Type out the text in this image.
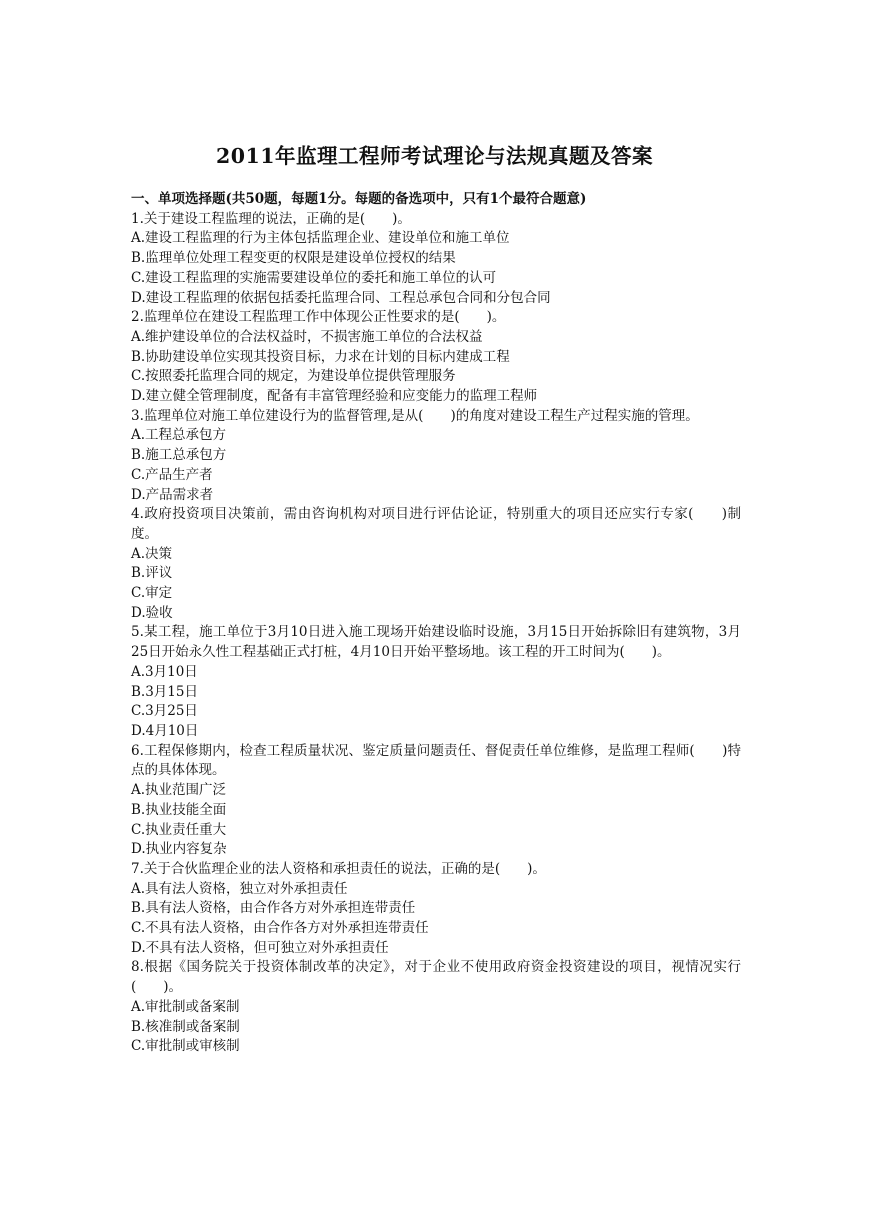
2011年监理工程师考试理论与法规真题及答案
一、单项选择题(共50题，每题1分。每题的备选项中，只有1个最符合题意)
1.关于建设工程监理的说法，正确的是(　　)。
A.建设工程监理的行为主体包括监理企业、建设单位和施工单位
B.监理单位处理工程变更的权限是建设单位授权的结果
C.建设工程监理的实施需要建设单位的委托和施工单位的认可
D.建设工程监理的依据包括委托监理合同、工程总承包合同和分包合同
2.监理单位在建设工程监理工作中体现公正性要求的是(　　)。
A.维护建设单位的合法权益时，不损害施工单位的合法权益
B.协助建设单位实现其投资目标，力求在计划的目标内建成工程
C.按照委托监理合同的规定，为建设单位提供管理服务
D.建立健全管理制度，配备有丰富管理经验和应变能力的监理工程师
3.监理单位对施工单位建设行为的监督管理,是从(　　)的角度对建设工程生产过程实施的管理。
A.工程总承包方
B.施工总承包方
C.产品生产者
D.产品需求者
4.政府投资项目决策前，需由咨询机构对项目进行评估论证，特别重大的项目还应实行专家(　　)制度。
A.决策
B.评议
C.审定
D.验收
5.某工程，施工单位于3月10日进入施工现场开始建设临时设施，3月15日开始拆除旧有建筑物，3月25日开始永久性工程基础正式打桩，4月10日开始平整场地。该工程的开工时间为(　　)。
A.3月10日
B.3月15日
C.3月25日
D.4月10日
6.工程保修期内，检查工程质量状况、鉴定质量问题责任、督促责任单位维修，是监理工程师(　　)特点的具体体现。
A.执业范围广泛
B.执业技能全面
C.执业责任重大
D.执业内容复杂
7.关于合伙监理企业的法人资格和承担责任的说法，正确的是(　　)。
A.具有法人资格，独立对外承担责任
B.具有法人资格，由合作各方对外承担连带责任
C.不具有法人资格，由合作各方对外承担连带责任
D.不具有法人资格，但可独立对外承担责任
8.根据《国务院关于投资体制改革的决定》，对于企业不使用政府资金投资建设的项目，视情况实行(　　)。
A.审批制或备案制
B.核准制或备案制
C.审批制或审核制
